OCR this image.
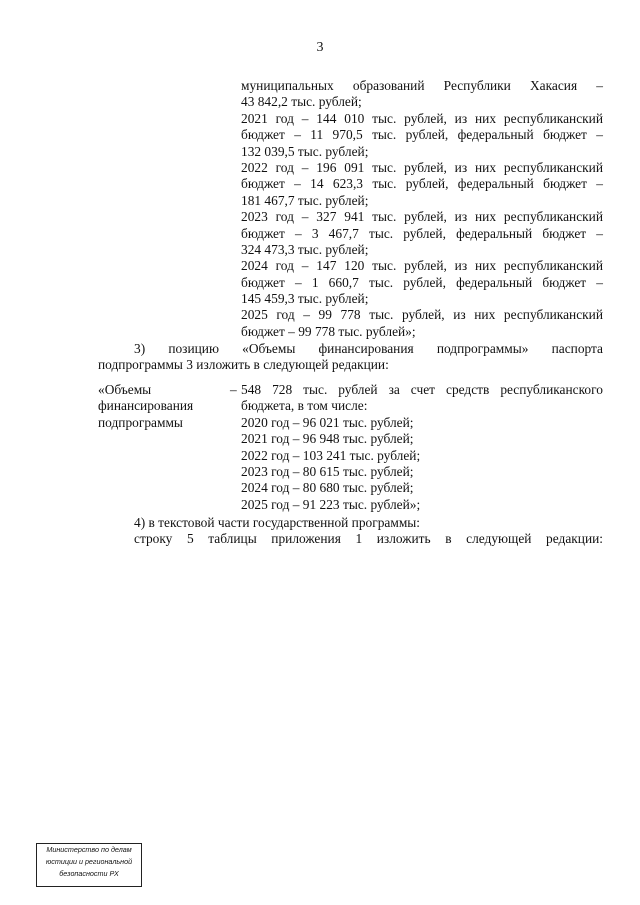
3
муниципальных образований Республики Хакасия –
43 842,2 тыс. рублей;
2021 год – 144 010 тыс. рублей, из них республиканский
бюджет – 11 970,5 тыс. рублей, федеральный бюджет –
132 039,5 тыс. рублей;
2022 год – 196 091 тыс. рублей, из них республиканский
бюджет – 14 623,3 тыс. рублей, федеральный бюджет –
181 467,7 тыс. рублей;
2023 год – 327 941 тыс. рублей, из них республиканский
бюджет – 3 467,7 тыс. рублей, федеральный бюджет –
324 473,3 тыс. рублей;
2024 год – 147 120 тыс. рублей, из них республиканский
бюджет – 1 660,7 тыс. рублей, федеральный бюджет –
145 459,3 тыс. рублей;
2025 год – 99 778 тыс. рублей, из них республиканский
бюджет – 99 778 тыс. рублей»;
3) позицию «Объемы финансирования подпрограммы» паспорта
подпрограммы 3 изложить в следующей редакции:
«Объемы
финансирования
подпрограммы
– 548 728 тыс. рублей за счет средств республиканского
бюджета, в том числе:
2020 год – 96 021 тыс. рублей;
2021 год – 96 948 тыс. рублей;
2022 год – 103 241 тыс. рублей;
2023 год – 80 615 тыс. рублей;
2024 год – 80 680 тыс. рублей;
2025 год – 91 223 тыс. рублей»;
4) в текстовой части государственной программы:
строку 5 таблицы приложения 1 изложить в следующей редакции:
Министерство по делам
юстиции и региональной
безопасности РХ
